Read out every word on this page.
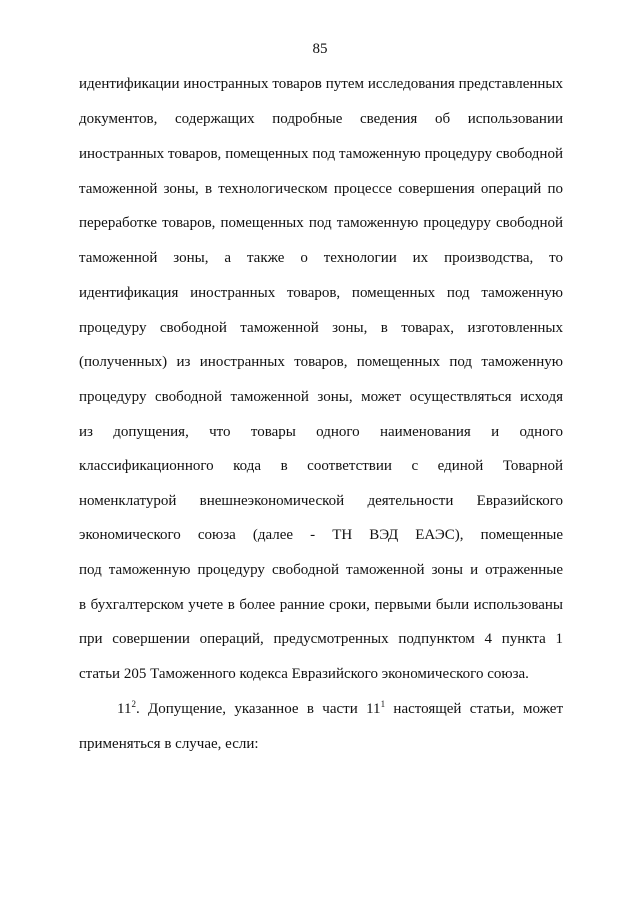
85
идентификации иностранных товаров путем исследования представленных
документов, содержащих подробные сведения об использовании
иностранных товаров, помещенных под таможенную процедуру свободной
таможенной зоны, в технологическом процессе совершения операций по
переработке товаров, помещенных под таможенную процедуру свободной
таможенной зоны, а также о технологии их производства, то
идентификация иностранных товаров, помещенных под таможенную
процедуру свободной таможенной зоны, в товарах, изготовленных
(полученных) из иностранных товаров, помещенных под таможенную
процедуру свободной таможенной зоны, может осуществляться исходя
из допущения, что товары одного наименования и одного
классификационного кода в соответствии с единой Товарной
номенклатурой внешнеэкономической деятельности Евразийского
экономического союза (далее - ТН ВЭД ЕАЭС), помещенные
под таможенную процедуру свободной таможенной зоны и отраженные
в бухгалтерском учете в более ранние сроки, первыми были использованы
при совершении операций, предусмотренных подпунктом 4 пункта 1
статьи 205 Таможенного кодекса Евразийского экономического союза.
$11^2$. Допущение, указанное в части $11^1$ настоящей статьи, может
применяться в случае, если:
